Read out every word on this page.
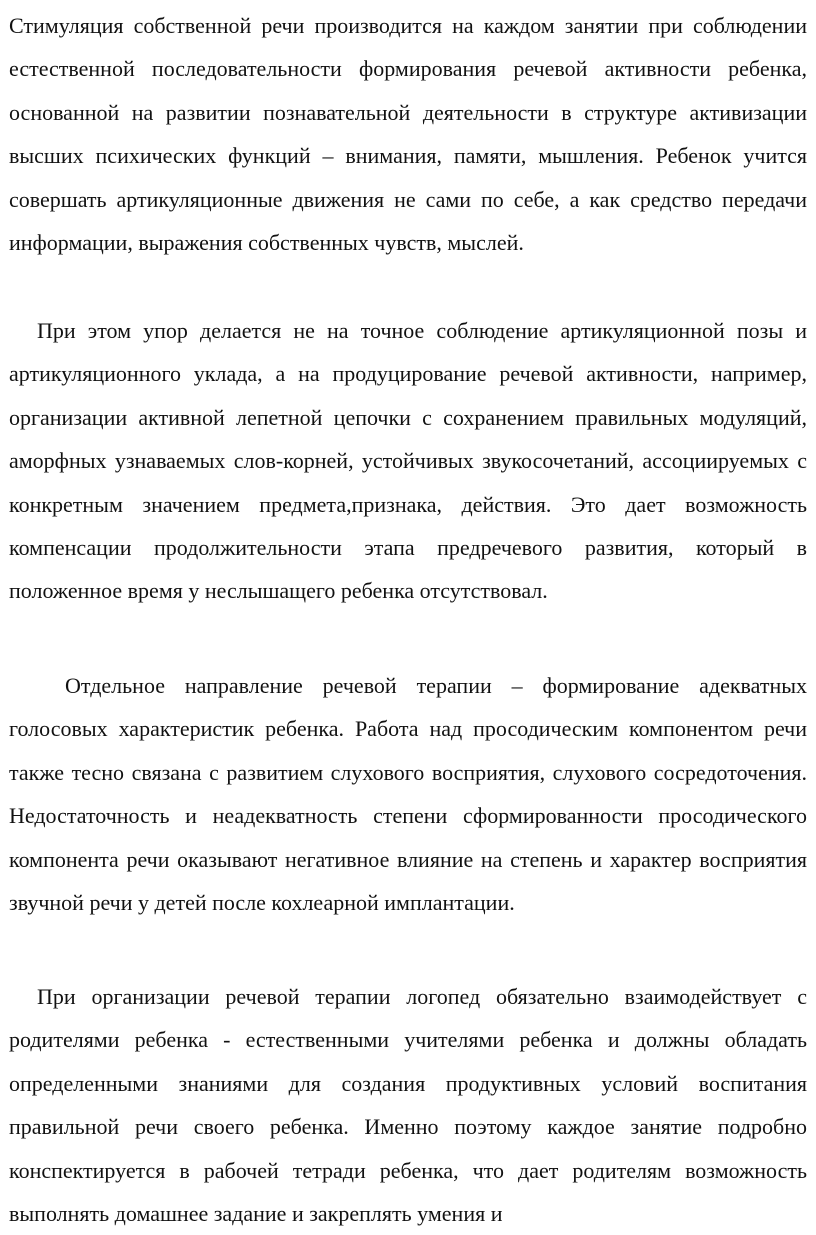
Стимуляция собственной речи производится на каждом занятии при соблюдении естественной последовательности формирования речевой активности ребенка, основанной на развитии познавательной деятельности в структуре активизации высших психических функций – внимания, памяти, мышления. Ребенок учится совершать артикуляционные движения не сами по себе, а как средство передачи информации, выражения собственных чувств, мыслей.

При этом упор делается не на точное соблюдение артикуляционной позы и артикуляционного уклада, а на продуцирование речевой активности, например, организации активной лепетной цепочки с сохранением правильных модуляций, аморфных узнаваемых слов-корней, устойчивых звукосочетаний, ассоциируемых с конкретным значением предмета,признака, действия. Это дает возможность компенсации продолжительности этапа предречевого развития, который в положенное время у неслышащего ребенка отсутствовал.

Отдельное направление речевой терапии – формирование адекватных голосовых характеристик ребенка. Работа над просодическим компонентом речи также тесно связана с развитием слухового восприятия, слухового сосредоточения. Недостаточность и неадекватность степени сформированности просодического компонента речи оказывают негативное влияние на степень и характер восприятия звучной речи у детей после кохлеарной имплантации.

При организации речевой терапии логопед обязательно взаимодействует с родителями ребенка - естественными учителями ребенка и должны обладать определенными знаниями для создания продуктивных условий воспитания правильной речи своего ребенка. Именно поэтому каждое занятие подробно конспектируется в рабочей тетради ребенка, что дает родителям возможность выполнять домашнее задание и закреплять умения и
